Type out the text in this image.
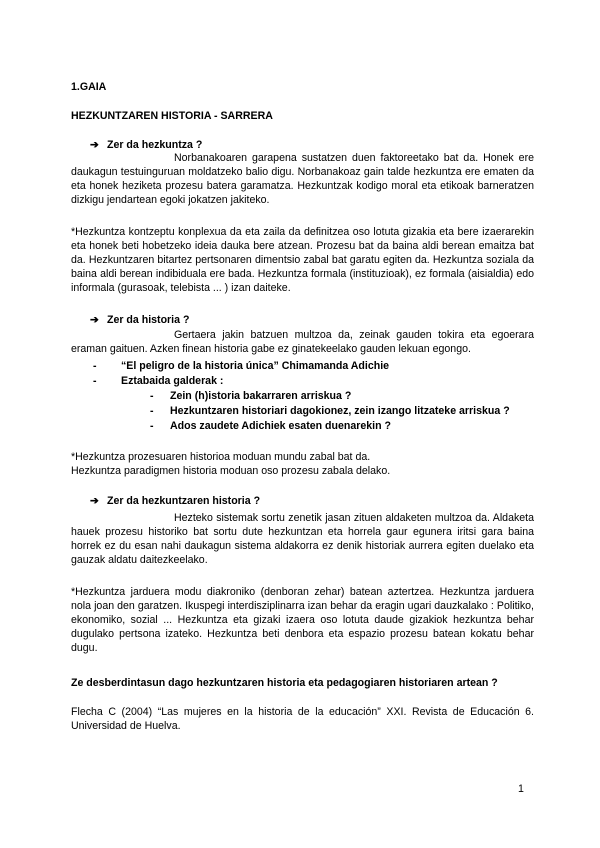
1.GAIA
HEZKUNTZAREN HISTORIA - SARRERA
➔ Zer da hezkuntza ?
Norbanakoaren garapena sustatzen duen faktoreetako bat da. Honek ere daukagun testuinguruan moldatzeko balio digu. Norbanakoaz gain talde hezkuntza ere ematen da eta honek heziketa prozesu batera garamatza. Hezkuntzak kodigo moral eta etikoak barneratzen dizkigu jendartean egoki jokatzen jakiteko.
*Hezkuntza kontzeptu konplexua da eta zaila da definitzea oso lotuta gizakia eta bere izaerarekin eta honek beti hobetzeko ideia dauka bere atzean. Prozesu bat da baina aldi berean emaitza bat da. Hezkuntzaren bitartez pertsonaren dimentsio zabal bat garatu egiten da. Hezkuntza soziala da baina aldi berean indibiduala ere bada. Hezkuntza formala (instituzioak), ez formala (aisialdia) edo informala (gurasoak, telebista ... ) izan daiteke.
➔ Zer da historia ?
Gertaera jakin batzuen multzoa da, zeinak gauden tokira eta egoerara eraman gaituen. Azken finean historia gabe ez ginatekeelako gauden lekuan egongo.
- “El peligro de la historia única” Chimamanda Adichie
- Eztabaida galderak :
- Zein (h)istoria bakarraren arriskua ?
- Hezkuntzaren historiari dagokionez, zein izango litzateke arriskua ?
- Ados zaudete Adichiek esaten duenarekin ?
*Hezkuntza prozesuaren historioa moduan mundu zabal bat da.
Hezkuntza paradigmen historia moduan oso prozesu zabala delako.
➔ Zer da hezkuntzaren historia ?
Hezteko sistemak sortu zenetik jasan zituen aldaketen multzoa da. Aldaketa hauek prozesu historiko bat sortu dute hezkuntzan eta horrela gaur egunera iritsi gara baina horrek ez du esan nahi daukagun sistema aldakorra ez denik historiak aurrera egiten duelako eta gauzak aldatu daitezkeelako.
*Hezkuntza jarduera modu diakroniko (denboran zehar) batean aztertzea. Hezkuntza jarduera nola joan den garatzen. Ikuspegi interdisziplinarra izan behar da eragin ugari dauzkalako : Politiko, ekonomiko, sozial ... Hezkuntza eta gizaki izaera oso lotuta daude gizakiok hezkuntza behar dugulako pertsona izateko. Hezkuntza beti denbora eta espazio prozesu batean kokatu behar dugu.
Ze desberdintasun dago hezkuntzaren historia eta pedagogiaren historiaren artean ?
Flecha C (2004) “Las mujeres en la historia de la educación” XXI. Revista de Educación 6. Universidad de Huelva.
1
